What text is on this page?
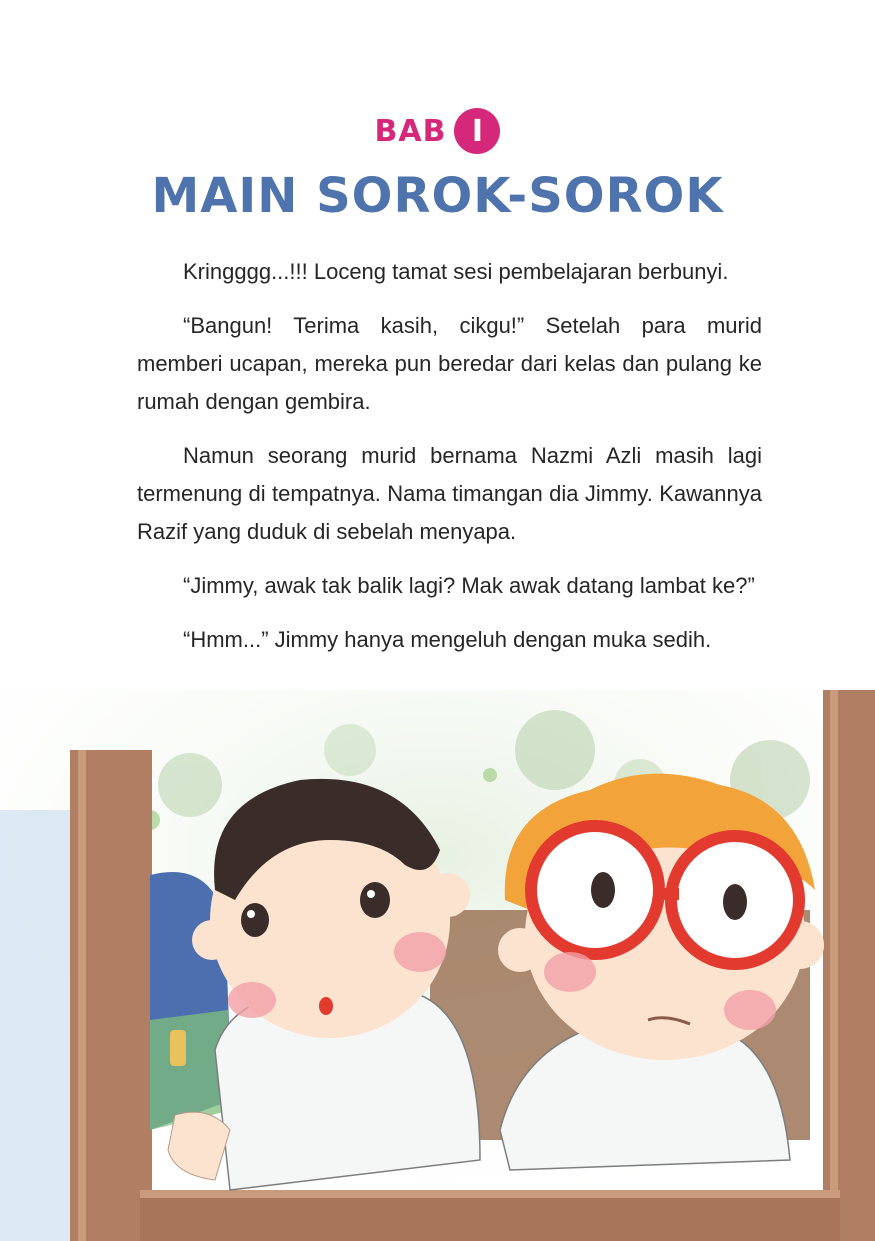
BAB I
MAIN SOROK-SOROK

Kringggg...!!! Loceng tamat sesi pembelajaran berbunyi.

“Bangun! Terima kasih, cikgu!” Setelah para murid memberi ucapan, mereka pun beredar dari kelas dan pulang ke rumah dengan gembira.

Namun seorang murid bernama Nazmi Azli masih lagi termenung di tempatnya. Nama timangan dia Jimmy. Kawannya Razif yang duduk di sebelah menyapa.

“Jimmy, awak tak balik lagi? Mak awak datang lambat ke?”

“Hmm...” Jimmy hanya mengeluh dengan muka sedih.
